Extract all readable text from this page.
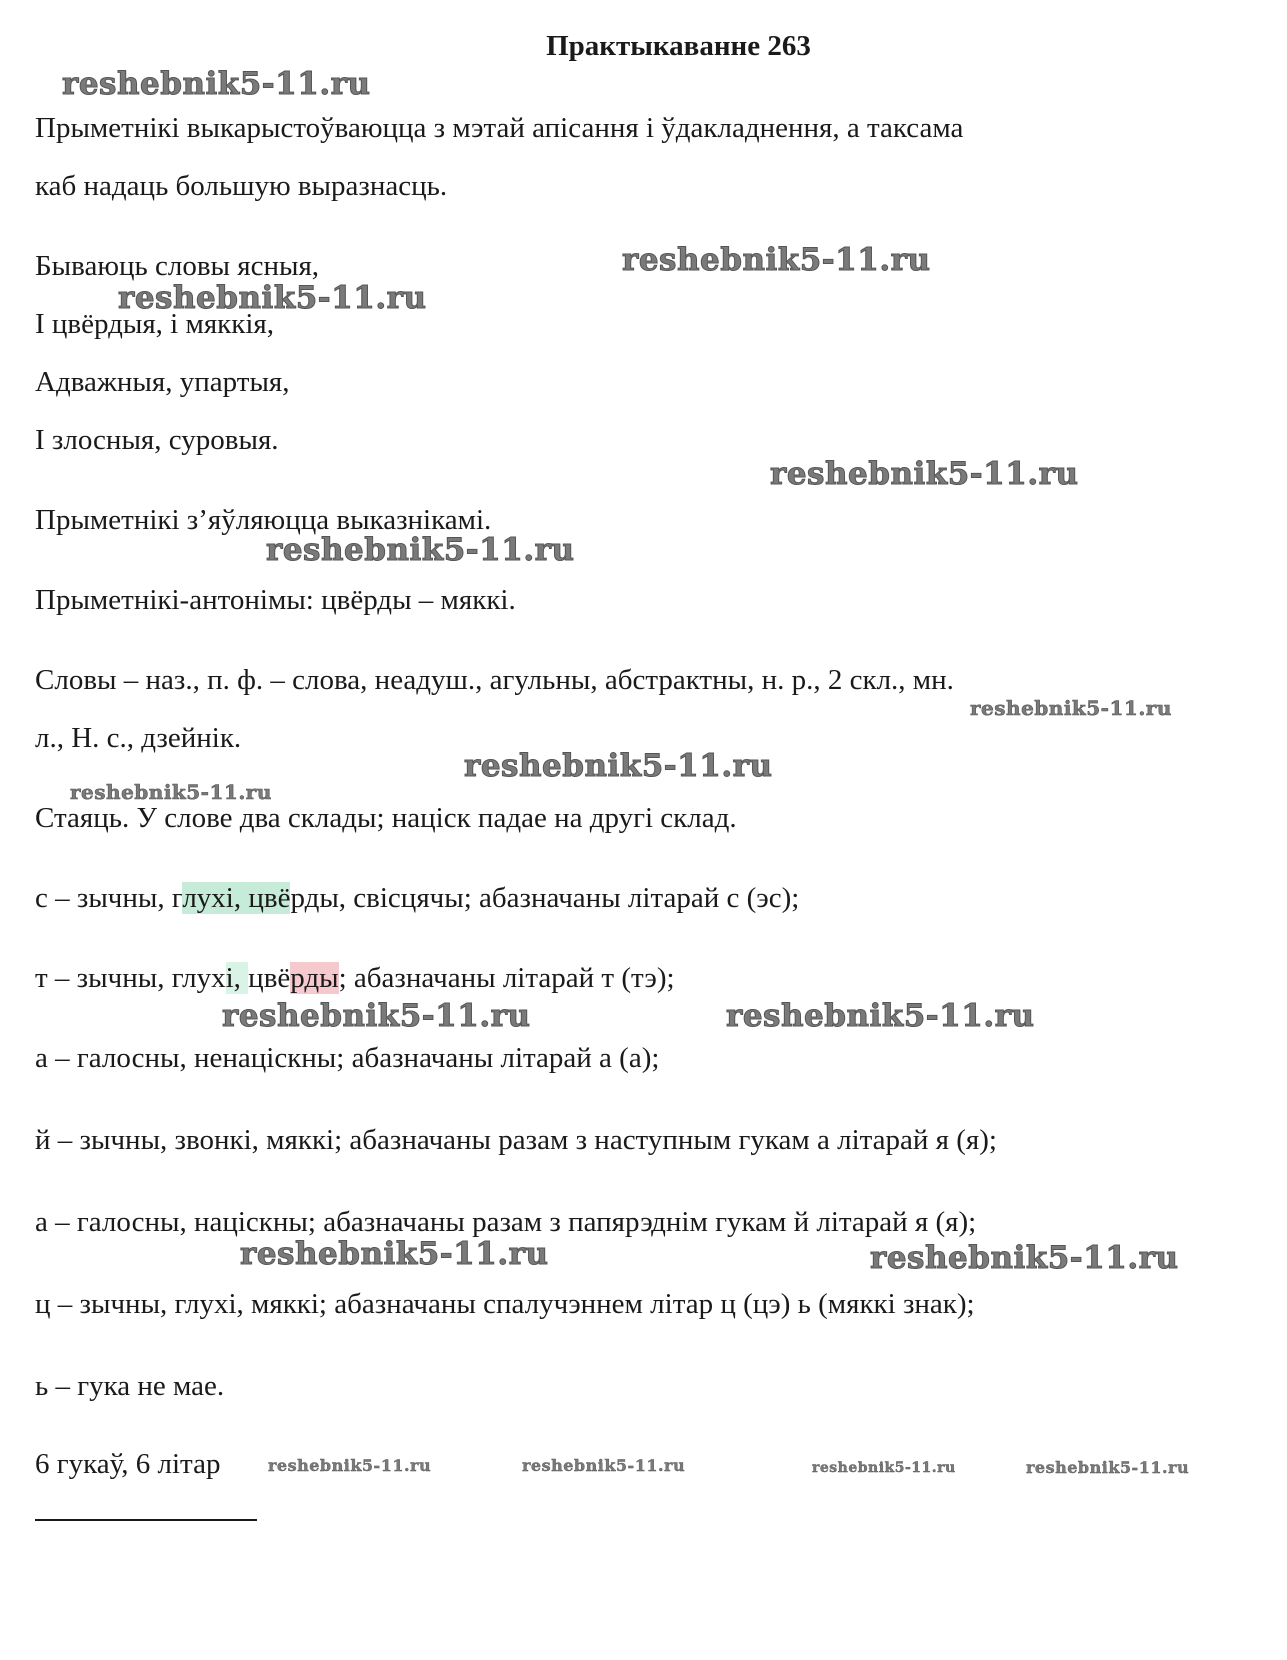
Практыкаванне 263
Прыметнікі выкарыстоўваюцца з мэтай апісання і ўдакладнення, а таксама
каб надаць большую выразнасць.
Бываюць словы ясныя,
І цвёрдыя, і мяккія,
Адважныя, упартыя,
І злосныя, суровыя.
Прыметнікі з’яўляюцца выказнікамі.
Прыметнікі-антонімы: цвёрды – мяккі.
Словы – наз., п. ф. – слова, неадуш., агульны, абстрактны, н. р., 2 скл., мн.
л., Н. с., дзейнік.
Стаяць. У слове два склады; націск падае на другі склад.
с – зычны, глухі, цвёрды, свісцячы; абазначаны літарай с (эс);
т – зычны, глухі, цвёрды; абазначаны літарай т (тэ);
а – галосны, ненаціскны; абазначаны літарай а (а);
й – зычны, звонкі, мяккі; абазначаны разам з наступным гукам а літарай я (я);
а – галосны, націскны; абазначаны разам з папярэднім гукам й літарай я (я);
ц – зычны, глухі, мяккі; абазначаны спалучэннем літар ц (цэ) ь (мяккі знак);
ь – гука не мае.
6 гукаў, 6 літар
reshebnik5-11.ru
reshebnik5-11.ru
reshebnik5-11.ru
reshebnik5-11.ru
reshebnik5-11.ru
reshebnik5-11.ru
reshebnik5-11.ru
reshebnik5-11.ru
reshebnik5-11.ru	reshebnik5-11.ru
reshebnik5-11.ru	reshebnik5-11.ru
reshebnik5-11.ru	reshebnik5-11.ru	reshebnik5-11.ru	reshebnik5-11.ru
